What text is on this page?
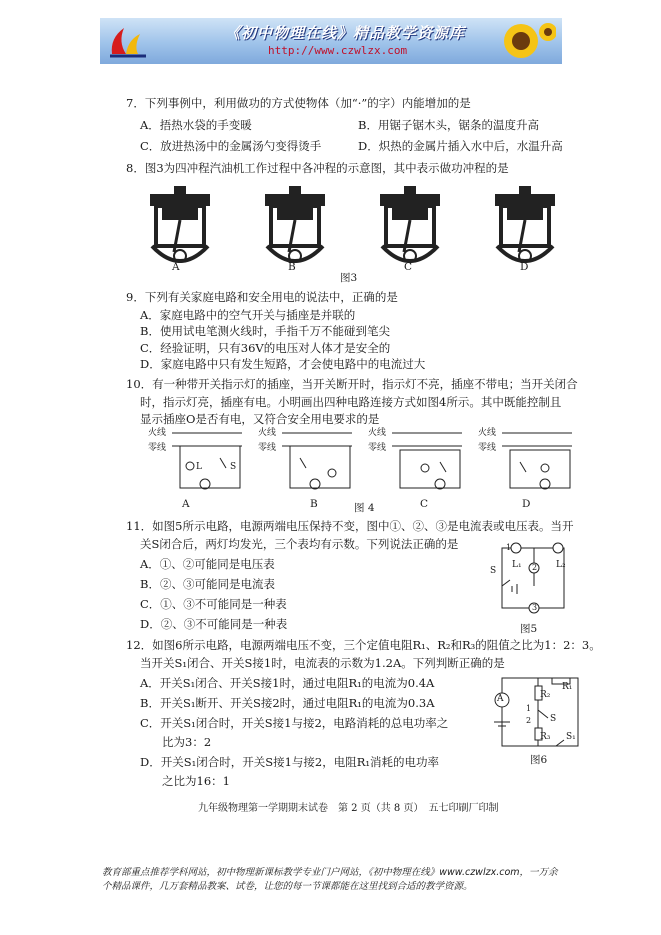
《初中物理在线》精品教学资源库
http://www.czwlzx.com
7．下列事例中，利用做功的方式使物体（加“·”的字）内能增加的是
A．捂热水袋的手变暖	B．用锯子锯木头，锯条的温度升高
C．放进热汤中的金属汤勺变得烫手	D．炽热的金属片插入水中后，水温升高
8．图3为四冲程汽油机工作过程中各冲程的示意图，其中表示做功冲程的是
A	B	C	D
图3
9．下列有关家庭电路和安全用电的说法中，正确的是
A．家庭电路中的空气开关与插座是并联的
B．使用试电笔测火线时，手指千万不能碰到笔尖
C．经验证明，只有36V的电压对人体才是安全的
D．家庭电路中只有发生短路，才会使电路中的电流过大
10．有一种带开关指示灯的插座，当开关断开时，指示灯不亮，插座不带电；当开关闭合
时，指示灯亮，插座有电。小明画出四种电路连接方式如图4所示。其中既能控制且
显示插座O是否有电，又符合安全用电要求的是
火线
零线
火线
零线
火线
零线
火线
零线
L	S
A	B	C	D
图 4
11．如图5所示电路，电源两端电压保持不变，图中①、②、③是电流表或电压表。当开
关S闭合后，两灯均发光，三个表均有示数。下列说法正确的是
A．①、②可能同是电压表
B．②、③可能同是电流表
C．①、③不可能同是一种表
D．②、③不可能同是一种表
S
L₁	L₂
1
2
3
图5
12．如图6所示电路，电源两端电压不变，三个定值电阻R₁、R₂和R₃的阻值之比为1：2：3。
当开关S₁闭合、开关S接1时，电流表的示数为1.2A。下列判断正确的是
A．开关S₁闭合、开关S接1时，通过电阻R₁的电流为0.4A
B．开关S₁断开、开关S接2时，通过电阻R₁的电流为0.3A
C．开关S₁闭合时，开关S接1与接2，电路消耗的总电功率之
比为3：2
D．开关S₁闭合时，开关S接1与接2，电阻R₁消耗的电功率
之比为16：1
A	R₂
R₁
1
2 S
R₃ S₁
图6
九年级物理第一学期期末试卷　第 2 页（共 8 页）　五七印刷厂印制
教育部重点推荐学科网站，初中物理新课标教学专业门户网站，《初中物理在线》www.czwlzx.com，一万余
个精品课件，几万套精品教案、试卷，让您的每一节课都能在这里找到合适的教学资源。
